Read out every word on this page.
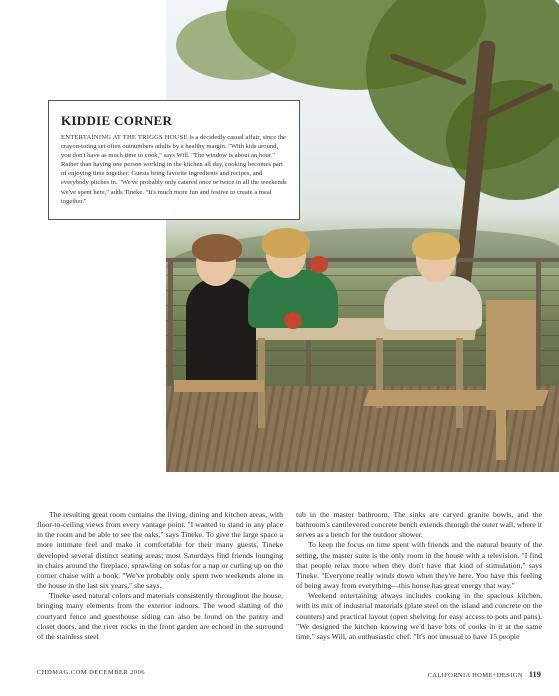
KIDDIE CORNER

ENTERTAINING AT THE TRIGGS HOUSE is a decidedly casual affair, since the crayon-toting set often outnumbers adults by a healthy margin. "With kids around, you don't have as much time to cook," says Will. "The window is about an hour." Rather than having one person working in the kitchen all day, cooking becomes part of enjoying time together: Guests bring favorite ingredients and recipes, and everybody pitches in. "We've probably only catered once or twice in all the weekends we've spent here," adds Tineke. "It's much more fun and festive to create a meal together."

The resulting great room contains the living, dining and kitchen areas, with floor-to-ceiling views from every vantage point. "I wanted to stand in any place in the room and be able to see the oaks," says Tineke. To give the large space a more intimate feel and make it comfortable for their many guests, Tineke developed several distinct seating areas; most Saturdays find friends lounging in chairs around the fireplace, sprawling on sofas for a nap or curling up on the corner chaise with a book. "We've probably only spent two weekends alone in the house in the last six years," she says.

Tineke used natural colors and materials consistently throughout the house, bringing many elements from the exterior indoors. The wood slatting of the courtyard fence and guesthouse siding can also be found on the pantry and closet doors, and the river rocks in the front garden are echoed in the surround of the stainless steel

tub in the master bathroom. The sinks are carved granite bowls, and the bathroom's cantilevered concrete bench extends through the outer wall, where it serves as a bench for the outdoor shower.

To keep the focus on time spent with friends and the natural beauty of the setting, the master suite is the only room in the house with a television. "I find that people relax more when they don't have that kind of stimulation," says Tineke. "Everyone really winds down when they're here. You have this feeling of being away from everything—this house has great energy that way."

Weekend entertaining always includes cooking in the spacious kitchen, with its mix of industrial materials (plate steel on the island and concrete on the counters) and practical layout (open shelving for easy access to pots and pans). "We designed the kitchen knowing we'd have lots of cooks in it at the same time," says Will, an enthusiastic chef. "It's not unusual to have 15 people

CHDMAG.COM DECEMBER 2006	CALIFORNIA HOME+DESIGN 119
